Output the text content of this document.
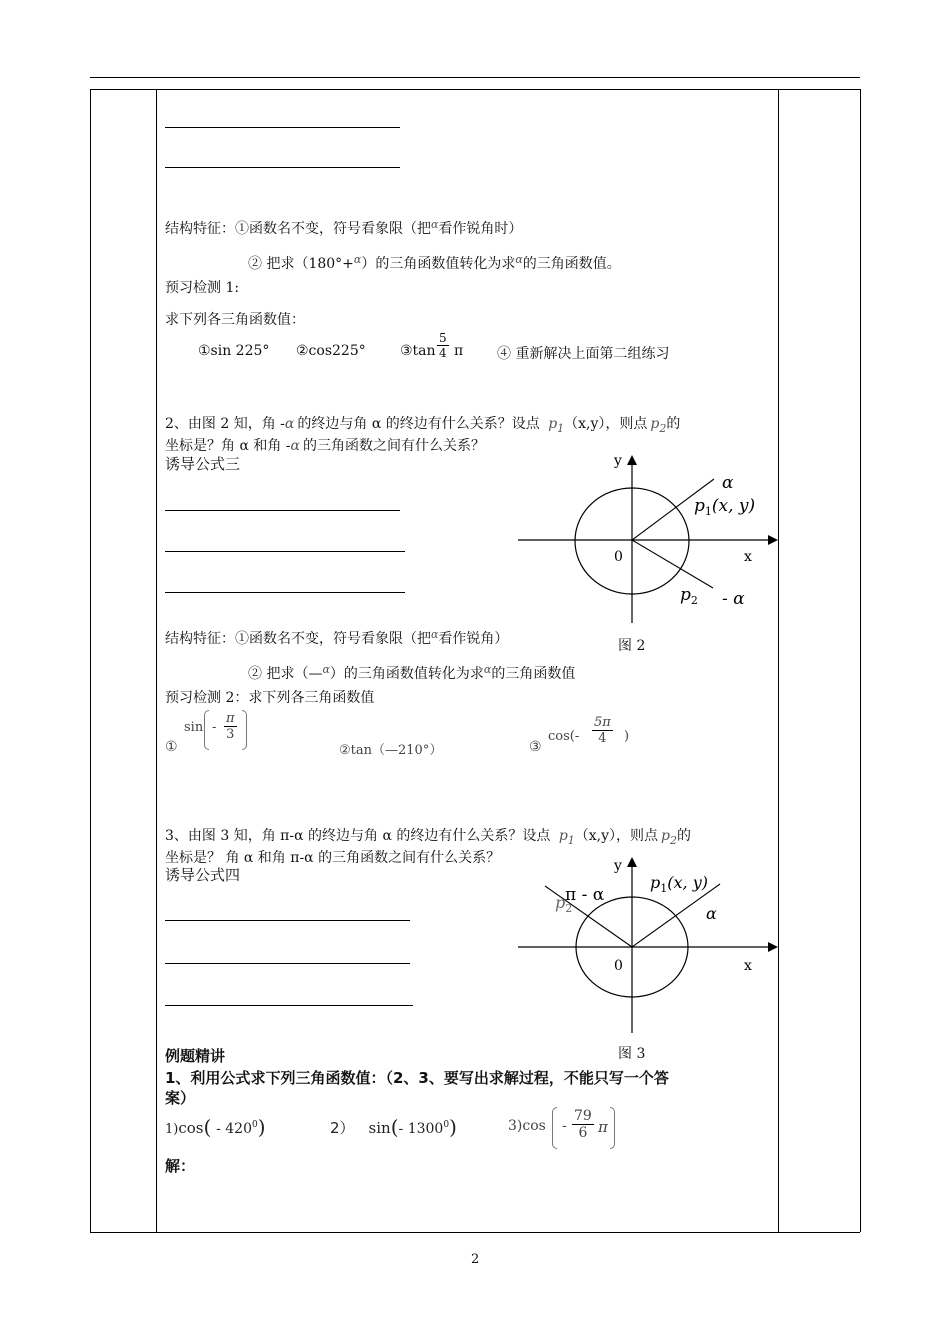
结构特征：①函数名不变，符号看象限（把$^\alpha$看作锐角时）
② 把求（180°+$^\alpha$）的三角函数值转化为求$^\alpha$的三角函数值。
预习检测 1:
求下列各三角函数值：
①sin 225° ②cos225° ③tan $\frac{5}{4}$ π ④ 重新解决上面第二组练习
2、由图 2 知，角 -α 的终边与角 α 的终边有什么关系？设点 $p_1(x,y)$，则点 $p_2$的
坐标是？角 α 和角 -α 的三角函数之间有什么关系？
诱导公式三
结构特征：①函数名不变，符号看象限（把$^\alpha$看作锐角）
② 把求（—$^\alpha$）的三角函数值转化为求$^\alpha$的三角函数值
预习检测 2：求下列各三角函数值
①
sin - $\frac{\pi}{3}$
②tan（—210°）	③
$\cos(- \frac{5\pi}{4}$ )
y
x
0
α
$p_1(x$, y)
$p_2$ - α
图 2
3、由图 3 知，角 π-α 的终边与角 α 的终边有什么关系？设点 $p_1(x,y)$，则点 $p_2$的
坐标是？ 角 α 和角 π-α 的三角函数之间有什么关系？
诱导公式四	y
x
0
π - α
$p_1(x$, y)
$p_2$	α
图 3
例题精讲
1、利用公式求下列三角函数值：（2、3、要写出求解过程，不能只写一个答
案）
$1)\cos( - 420^0)$	2） sin(- 1300$^0$)	$3)\cos - \frac{79}{6}$ π
解：
2
